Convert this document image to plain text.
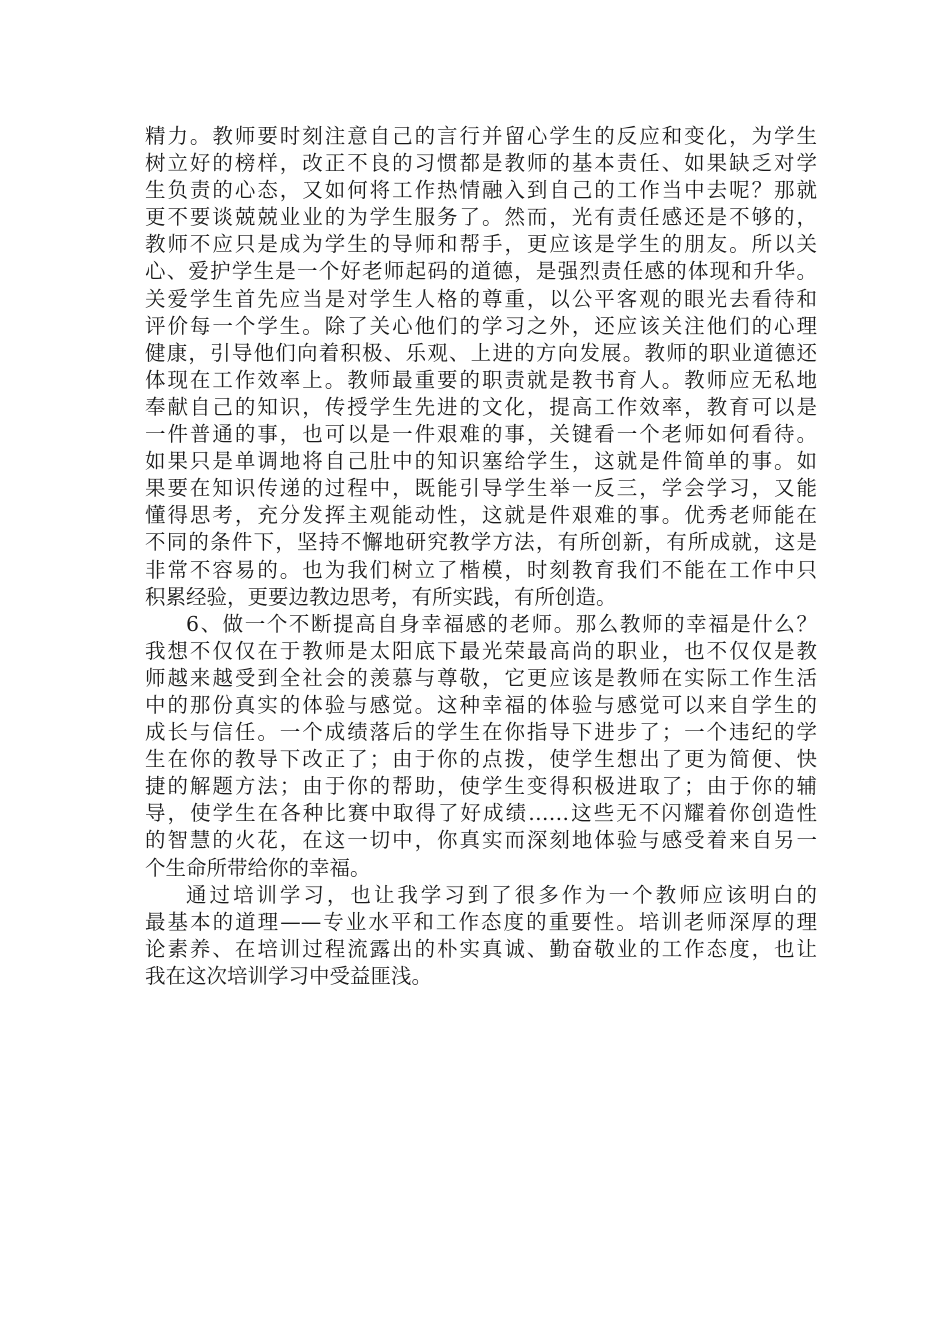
精力。教师要时刻注意自己的言行并留心学生的反应和变化，为学生
树立好的榜样，改正不良的习惯都是教师的基本责任、如果缺乏对学
生负责的心态，又如何将工作热情融入到自己的工作当中去呢？那就
更不要谈兢兢业业的为学生服务了。然而，光有责任感还是不够的，
教师不应只是成为学生的导师和帮手，更应该是学生的朋友。所以关
心、爱护学生是一个好老师起码的道德，是强烈责任感的体现和升华。
关爱学生首先应当是对学生人格的尊重，以公平客观的眼光去看待和
评价每一个学生。除了关心他们的学习之外，还应该关注他们的心理
健康，引导他们向着积极、乐观、上进的方向发展。教师的职业道德还
体现在工作效率上。教师最重要的职责就是教书育人。教师应无私地
奉献自己的知识，传授学生先进的文化，提高工作效率，教育可以是
一件普通的事，也可以是一件艰难的事，关键看一个老师如何看待。
如果只是单调地将自己肚中的知识塞给学生，这就是件简单的事。如
果要在知识传递的过程中，既能引导学生举一反三，学会学习，又能
懂得思考，充分发挥主观能动性，这就是件艰难的事。优秀老师能在
不同的条件下，坚持不懈地研究教学方法，有所创新，有所成就，这是
非常不容易的。也为我们树立了楷模，时刻教育我们不能在工作中只
积累经验，更要边教边思考，有所实践，有所创造。
6、做一个不断提高自身幸福感的老师。那么教师的幸福是什么？
我想不仅仅在于教师是太阳底下最光荣最高尚的职业，也不仅仅是教
师越来越受到全社会的羡慕与尊敬，它更应该是教师在实际工作生活
中的那份真实的体验与感觉。这种幸福的体验与感觉可以来自学生的
成长与信任。一个成绩落后的学生在你指导下进步了；一个违纪的学
生在你的教导下改正了；由于你的点拨，使学生想出了更为简便、快
捷的解题方法；由于你的帮助，使学生变得积极进取了；由于你的辅
导，使学生在各种比赛中取得了好成绩……这些无不闪耀着你创造性
的智慧的火花，在这一切中，你真实而深刻地体验与感受着来自另一
个生命所带给你的幸福。
通过培训学习，也让我学习到了很多作为一个教师应该明白的
最基本的道理——专业水平和工作态度的重要性。培训老师深厚的理
论素养、在培训过程流露出的朴实真诚、勤奋敬业的工作态度，也让
我在这次培训学习中受益匪浅。
